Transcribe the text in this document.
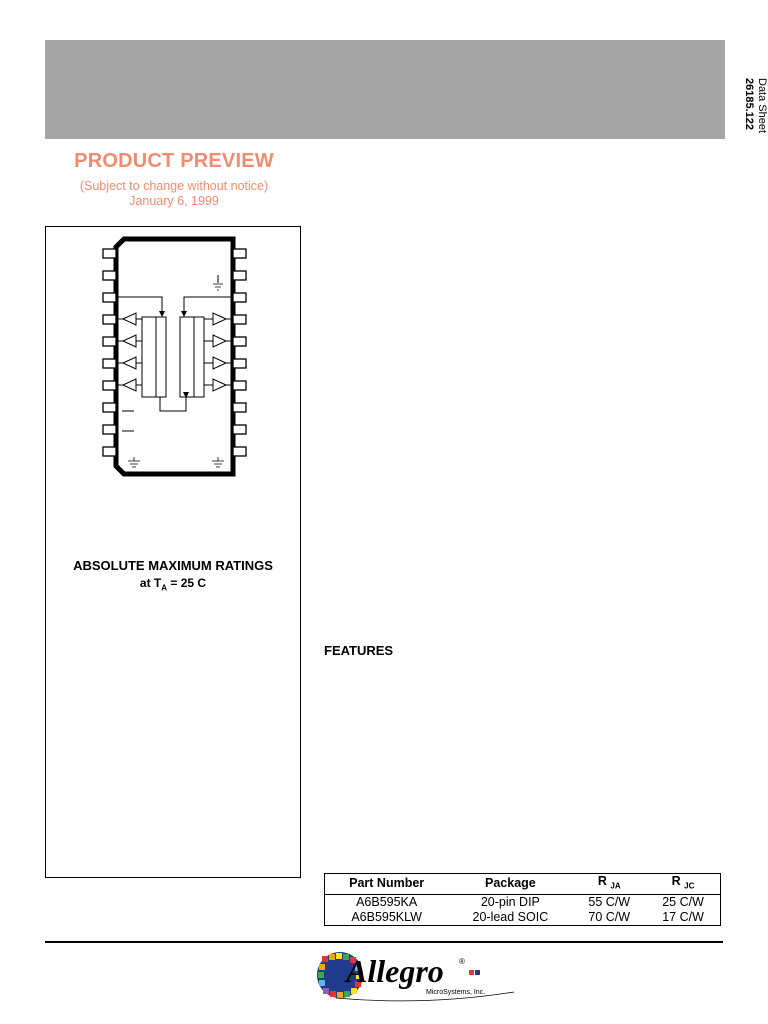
Data Sheet
26185.122
PRODUCT PREVIEW
(Subject to change without notice)
January 6, 1999
ABSOLUTE MAXIMUM RATINGS
at $T_A = 25$ C
FEATURES
Part Number	Package	R $_{JA}$	R $_{JC}$
A6B595KA	20-pin DIP	55 C/W	25 C/W
A6B595KLW	20-lead SOIC	70 C/W	17 C/W
Allegro ®
MicroSystems, Inc.
